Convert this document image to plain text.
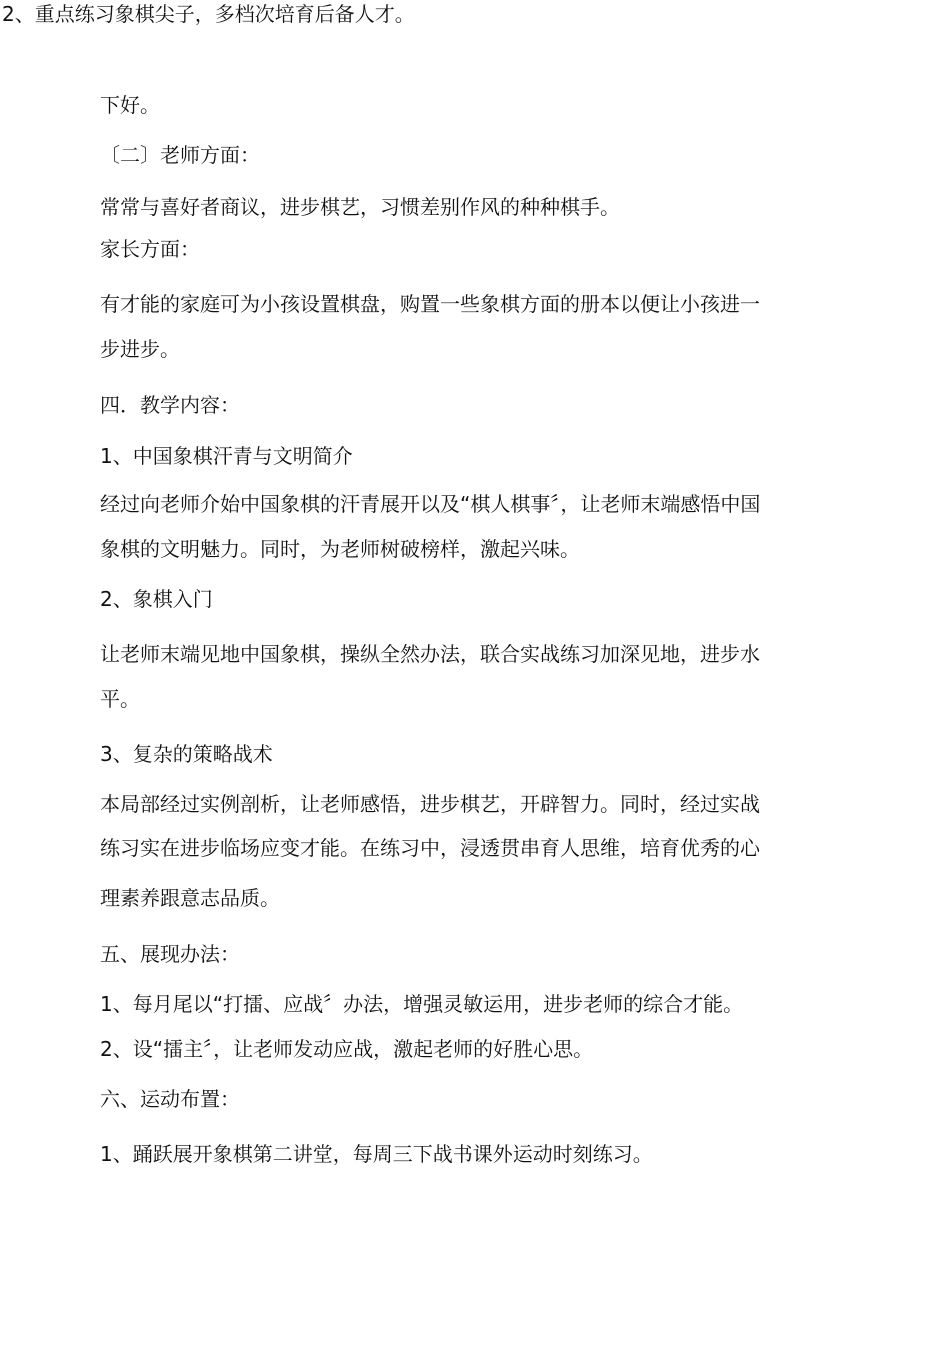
2、重点练习象棋尖子，多档次培育后备人才。
下好。
〔二〕老师方面：
常常与喜好者商议，进步棋艺，习惯差别作风的种种棋手。
家长方面：
有才能的家庭可为小孩设置棋盘，购置一些象棋方面的册本以便让小孩进一
步进步。
四．教学内容：
1、中国象棋汗青与文明简介
经过向老师介始中国象棋的汗青展开以及“棋人棋事〞，让老师末端感悟中国
象棋的文明魅力。同时，为老师树破榜样，激起兴味。
2、象棋入门
让老师末端见地中国象棋，操纵全然办法，联合实战练习加深见地，进步水
平。
3、复杂的策略战术
本局部经过实例剖析，让老师感悟，进步棋艺，开辟智力。同时，经过实战
练习实在进步临场应变才能。在练习中，浸透贯串育人思维，培育优秀的心
理素养跟意志品质。
五、展现办法：
1、每月尾以“打擂、应战〞办法，增强灵敏运用，进步老师的综合才能。
2、设“擂主〞，让老师发动应战，激起老师的好胜心思。
六、运动布置：
1、踊跃展开象棋第二讲堂，每周三下战书课外运动时刻练习。
